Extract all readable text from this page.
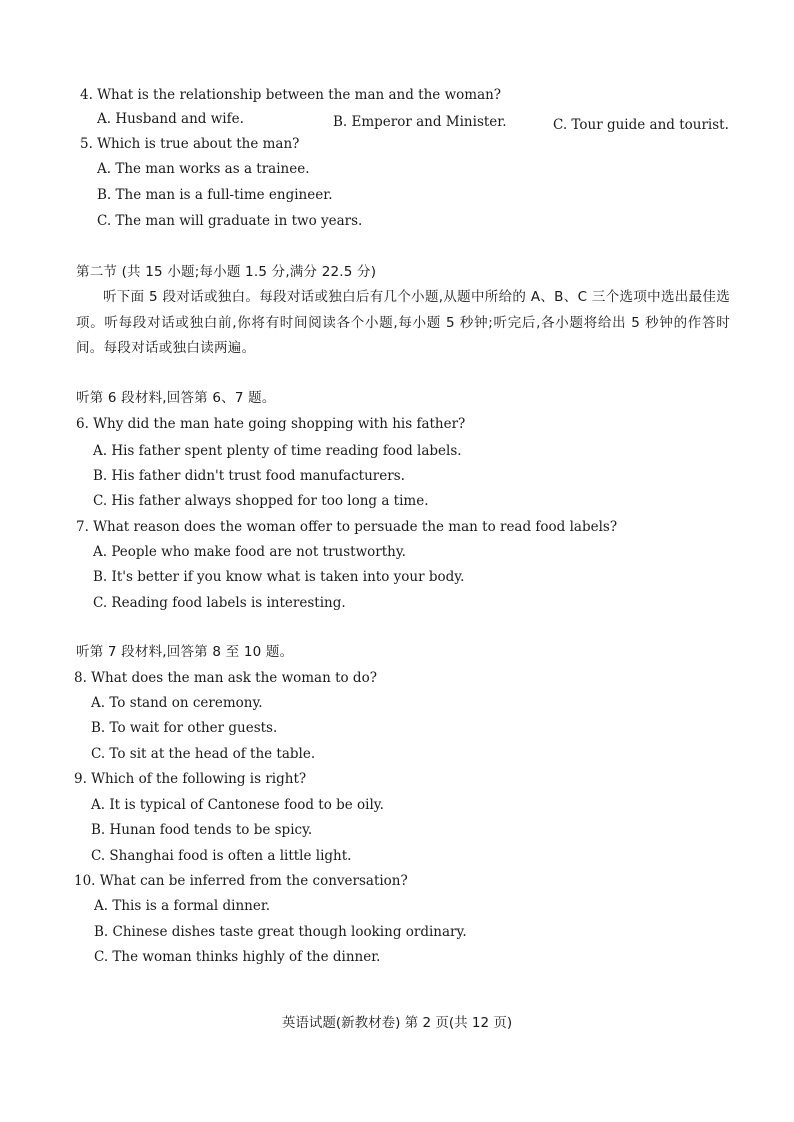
4. What is the relationship between the man and the woman?
A. Husband and wife.	B. Emperor and Minister.	C. Tour guide and tourist.
5. Which is true about the man?
A. The man works as a trainee.
B. The man is a full-time engineer.
C. The man will graduate in two years.
第二节 (共 15 小题;每小题 1.5 分,满分 22.5 分)
听下面 5 段对话或独白。每段对话或独白后有几个小题,从题中所给的 A、B、C 三个选项中选出最佳选项。听每段对话或独白前,你将有时间阅读各个小题,每小题 5 秒钟;听完后,各小题将给出 5 秒钟的作答时间。每段对话或独白读两遍。
听第 6 段材料,回答第 6、7 题。
6. Why did the man hate going shopping with his father?
A. His father spent plenty of time reading food labels.
B. His father didn't trust food manufacturers.
C. His father always shopped for too long a time.
7. What reason does the woman offer to persuade the man to read food labels?
A. People who make food are not trustworthy.
B. It's better if you know what is taken into your body.
C. Reading food labels is interesting.
听第 7 段材料,回答第 8 至 10 题。
8. What does the man ask the woman to do?
A. To stand on ceremony.
B. To wait for other guests.
C. To sit at the head of the table.
9. Which of the following is right?
A. It is typical of Cantonese food to be oily.
B. Hunan food tends to be spicy.
C. Shanghai food is often a little light.
10. What can be inferred from the conversation?
A. This is a formal dinner.
B. Chinese dishes taste great though looking ordinary.
C. The woman thinks highly of the dinner.
英语试题(新教材卷) 第 2 页(共 12 页)
